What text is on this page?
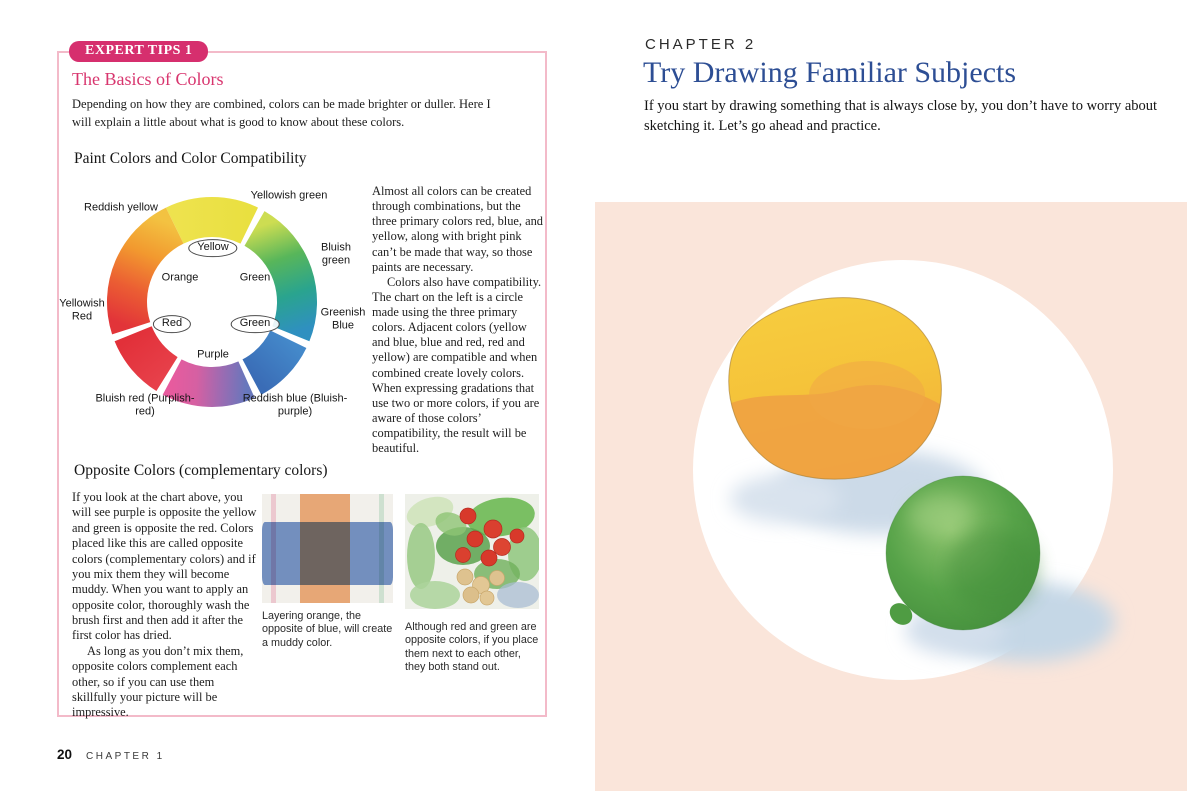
EXPERT TIPS 1
The Basics of Colors

Depending on how they are combined, colors can be made brighter or duller. Here I will explain a little about what is good to know about these colors.

Paint Colors and Color Compatibility
Reddish yellow
Yellowish green
Bluish green
Greenish Blue
Yellowish Red
Bluish red (Purplish-red)
Reddish blue (Bluish-purple)
Yellow
Orange	Green
Red	Green
Purple

Almost all colors can be created through combinations, but the three primary colors red, blue, and yellow, along with bright pink can’t be made that way, so those paints are necessary.

Colors also have compatibility. The chart on the left is a circle made using the three primary colors. Adjacent colors (yellow and blue, blue and red, red and yellow) are compatible and when combined create lovely colors. When expressing gradations that use two or more colors, if you are aware of those colors’ compatibility, the result will be beautiful.

Opposite Colors (complementary colors)

If you look at the chart above, you will see purple is opposite the yellow and green is opposite the red. Colors placed like this are called opposite colors (complementary colors) and if you mix them they will become muddy. When you want to apply an opposite color, thoroughly wash the brush first and then add it after the first color has dried.

As long as you don’t mix them, opposite colors complement each other, so if you can use them skillfully your picture will be impressive.

Layering orange, the opposite of blue, will create a muddy color.
Although red and green are opposite colors, if you place them next to each other, they both stand out.
20 CHAPTER 1
CHAPTER 2
Try Drawing Familiar Subjects

If you start by drawing something that is always close by, you don’t have to worry about sketching it. Let’s go ahead and practice.
